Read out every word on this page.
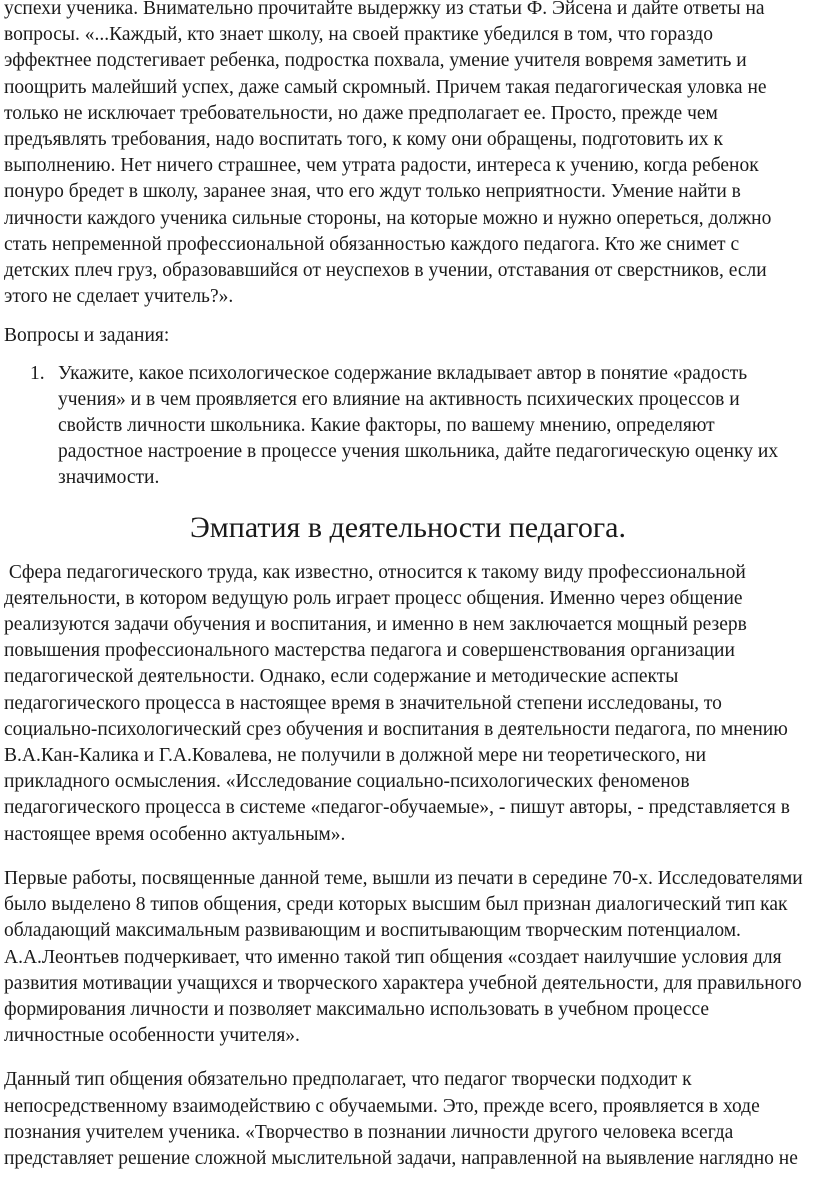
успехи ученика. Внимательно прочитайте выдержку из статьи Ф. Эйсена и дайте ответы на
вопросы. «...Каждый, кто знает школу, на своей практике убедился в том, что гораздо
эффектнее подстегивает ребенка, подростка похвала, умение учителя вовремя заметить и
поощрить малейший успех, даже самый скромный. Причем такая педагогическая уловка не
только не исключает требовательности, но даже предполагает ее. Просто, прежде чем
предъявлять требования, надо воспитать того, к кому они обращены, подготовить их к
выполнению. Нет ничего страшнее, чем утрата радости, интереса к учению, когда ребенок
понуро бредет в школу, заранее зная, что его ждут только неприятности. Умение найти в
личности каждого ученика сильные стороны, на которые можно и нужно опереться, должно
стать непременной профессиональной обязанностью каждого педагога. Кто же снимет с
детских плеч груз, образовавшийся от неуспехов в учении, отставания от сверстников, если
этого не сделает учитель?».
Вопросы и задания:
1. Укажите, какое психологическое содержание вкладывает автор в понятие «радость
учения» и в чем проявляется его влияние на активность психических процессов и
свойств личности школьника. Какие факторы, по вашему мнению, определяют
радостное настроение в процессе учения школьника, дайте педагогическую оценку их
значимости.
Эмпатия в деятельности педагога.
Сфера педагогического труда, как известно, относится к такому виду профессиональной
деятельности, в котором ведущую роль играет процесс общения. Именно через общение
реализуются задачи обучения и воспитания, и именно в нем заключается мощный резерв
повышения профессионального мастерства педагога и совершенствования организации
педагогической деятельности. Однако, если содержание и методические аспекты
педагогического процесса в настоящее время в значительной степени исследованы, то
социально-психологический срез обучения и воспитания в деятельности педагога, по мнению
В.А.Кан-Калика и Г.А.Ковалева, не получили в должной мере ни теоретического, ни
прикладного осмысления. «Исследование социально-психологических феноменов
педагогического процесса в системе «педагог-обучаемые», - пишут авторы, - представляется в
настоящее время особенно актуальным».
Первые работы, посвященные данной теме, вышли из печати в середине 70-х. Исследователями
было выделено 8 типов общения, среди которых высшим был признан диалогический тип как
обладающий максимальным развивающим и воспитывающим творческим потенциалом.
А.А.Леонтьев подчеркивает, что именно такой тип общения «создает наилучшие условия для
развития мотивации учащихся и творческого характера учебной деятельности, для правильного
формирования личности и позволяет максимально использовать в учебном процессе
личностные особенности учителя».
Данный тип общения обязательно предполагает, что педагог творчески подходит к
непосредственному взаимодействию с обучаемыми. Это, прежде всего, проявляется в ходе
познания учителем ученика. «Творчество в познании личности другого человека всегда
представляет решение сложной мыслительной задачи, направленной на выявление наглядно не
